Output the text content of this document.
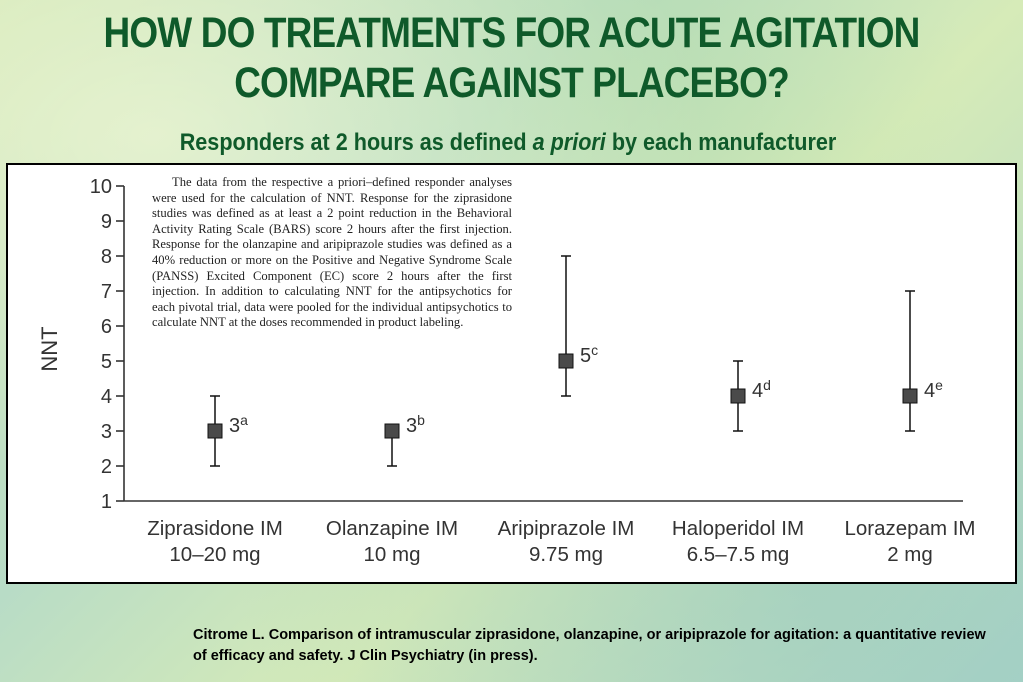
HOW DO TREATMENTS FOR ACUTE AGITATION
COMPARE AGAINST PLACEBO?
Responders at 2 hours as defined a priori by each manufacturer
1
2
3
4
5
6
7
8
9
10
NNT
Ziprasidone IM
10–20 mg
Olanzapine IM
10 mg
Aripiprazole IM
9.75 mg
Haloperidol IM
6.5–7.5 mg
Lorazepam IM
2 mg
3$^a$	3$^b$
5$^c$
4$^d$	4e
The data from the respective a priori–defined responder analyses were used for the calculation of NNT. Response for the ziprasidone studies was defined as at least a 2 point reduction in the Behavioral Activity Rating Scale (BARS) score 2 hours after the first injection. Response for the olanzapine and aripiprazole studies was defined as a 40% reduction or more on the Positive and Negative Syndrome Scale (PANSS) Excited Component (EC) score 2 hours after the first injection. In addition to calculating NNT for the antipsychotics for each pivotal trial, data were pooled for the individual antipsychotics to calculate NNT at the doses recommended in product labeling.
Citrome L. Comparison of intramuscular ziprasidone, olanzapine, or aripiprazole for agitation: a quantitative review of efficacy and safety. J Clin Psychiatry (in press).
